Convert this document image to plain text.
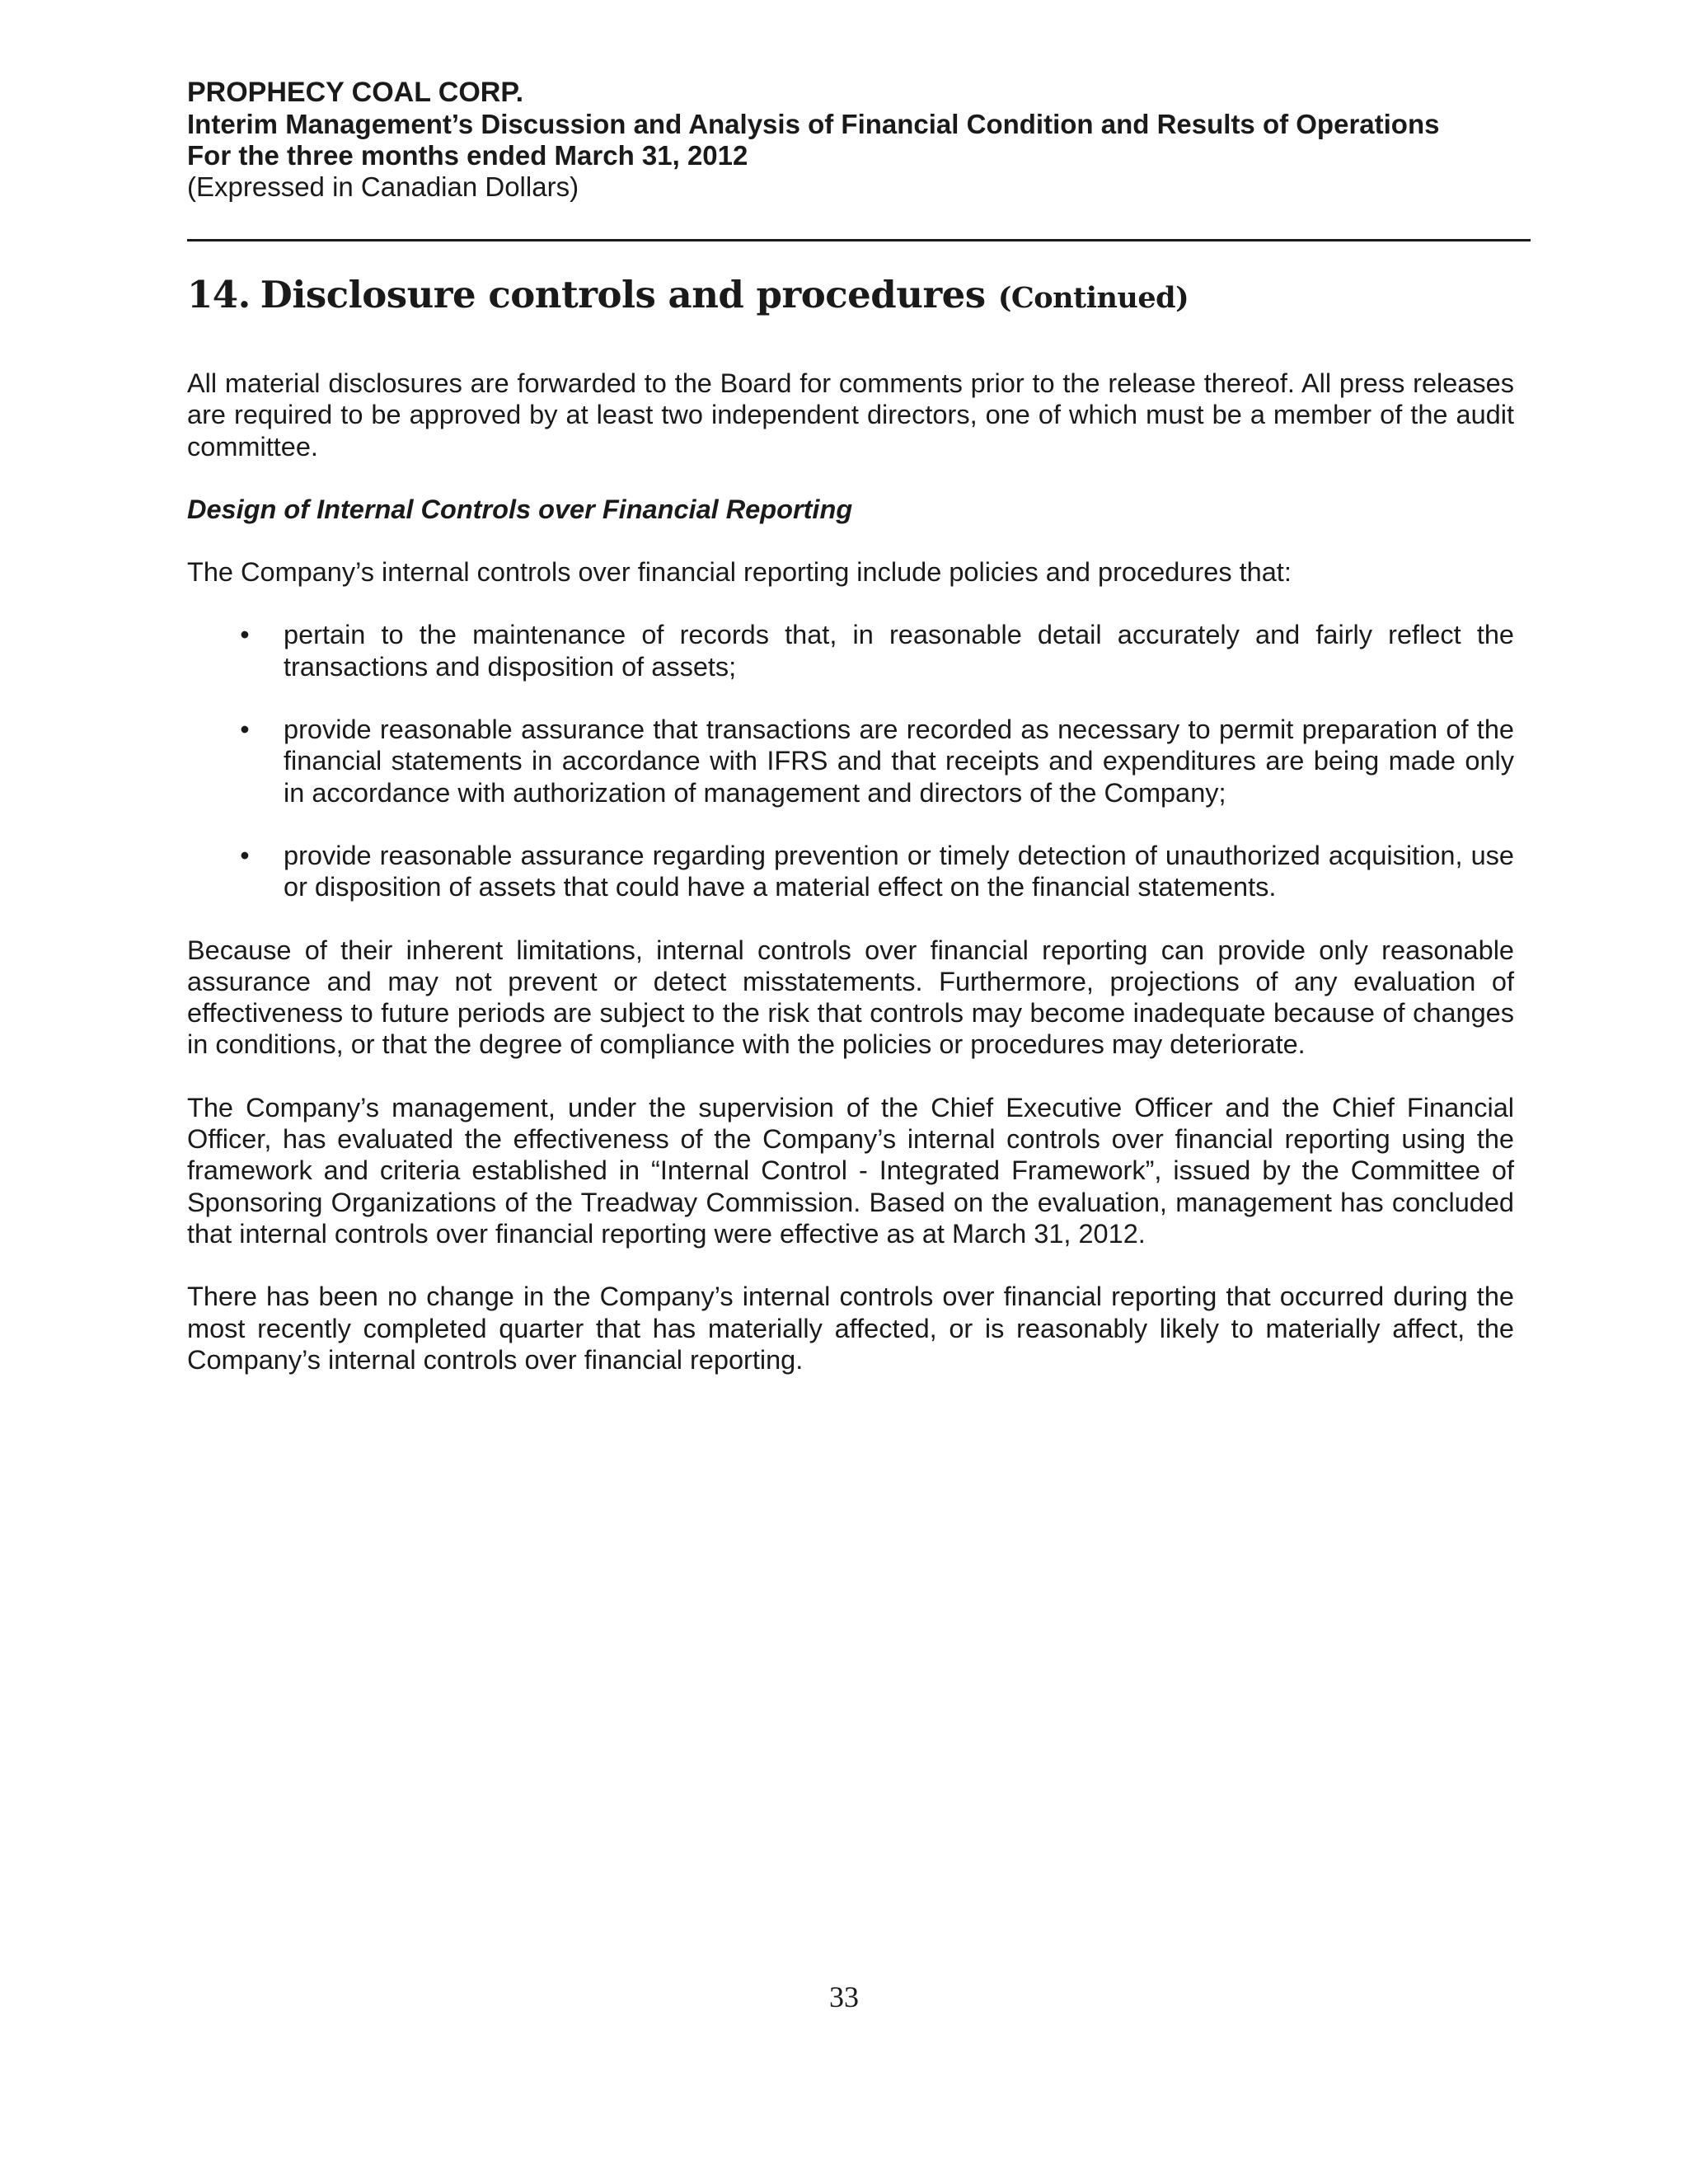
PROPHECY COAL CORP.
Interim Management’s Discussion and Analysis of Financial Condition and Results of Operations
For the three months ended March 31, 2012
(Expressed in Canadian Dollars)
14. Disclosure controls and procedures (Continued)

All material disclosures are forwarded to the Board for comments prior to the release thereof. All press releases are required to be approved by at least two independent directors, one of which must be a member of the audit committee.

Design of Internal Controls over Financial Reporting

The Company’s internal controls over financial reporting include policies and procedures that:

• pertain to the maintenance of records that, in reasonable detail accurately and fairly reflect the transactions and disposition of assets;
• provide reasonable assurance that transactions are recorded as necessary to permit preparation of the financial statements in accordance with IFRS and that receipts and expenditures are being made only in accordance with authorization of management and directors of the Company;
• provide reasonable assurance regarding prevention or timely detection of unauthorized acquisition, use or disposition of assets that could have a material effect on the financial statements.

Because of their inherent limitations, internal controls over financial reporting can provide only reasonable assurance and may not prevent or detect misstatements. Furthermore, projections of any evaluation of effectiveness to future periods are subject to the risk that controls may become inadequate because of changes in conditions, or that the degree of compliance with the policies or procedures may deteriorate.

The Company’s management, under the supervision of the Chief Executive Officer and the Chief Financial Officer, has evaluated the effectiveness of the Company’s internal controls over financial reporting using the framework and criteria established in “Internal Control - Integrated Framework”, issued by the Committee of Sponsoring Organizations of the Treadway Commission. Based on the evaluation, management has concluded that internal controls over financial reporting were effective as at March 31, 2012.

There has been no change in the Company’s internal controls over financial reporting that occurred during the most recently completed quarter that has materially affected, or is reasonably likely to materially affect, the Company’s internal controls over financial reporting.

33
